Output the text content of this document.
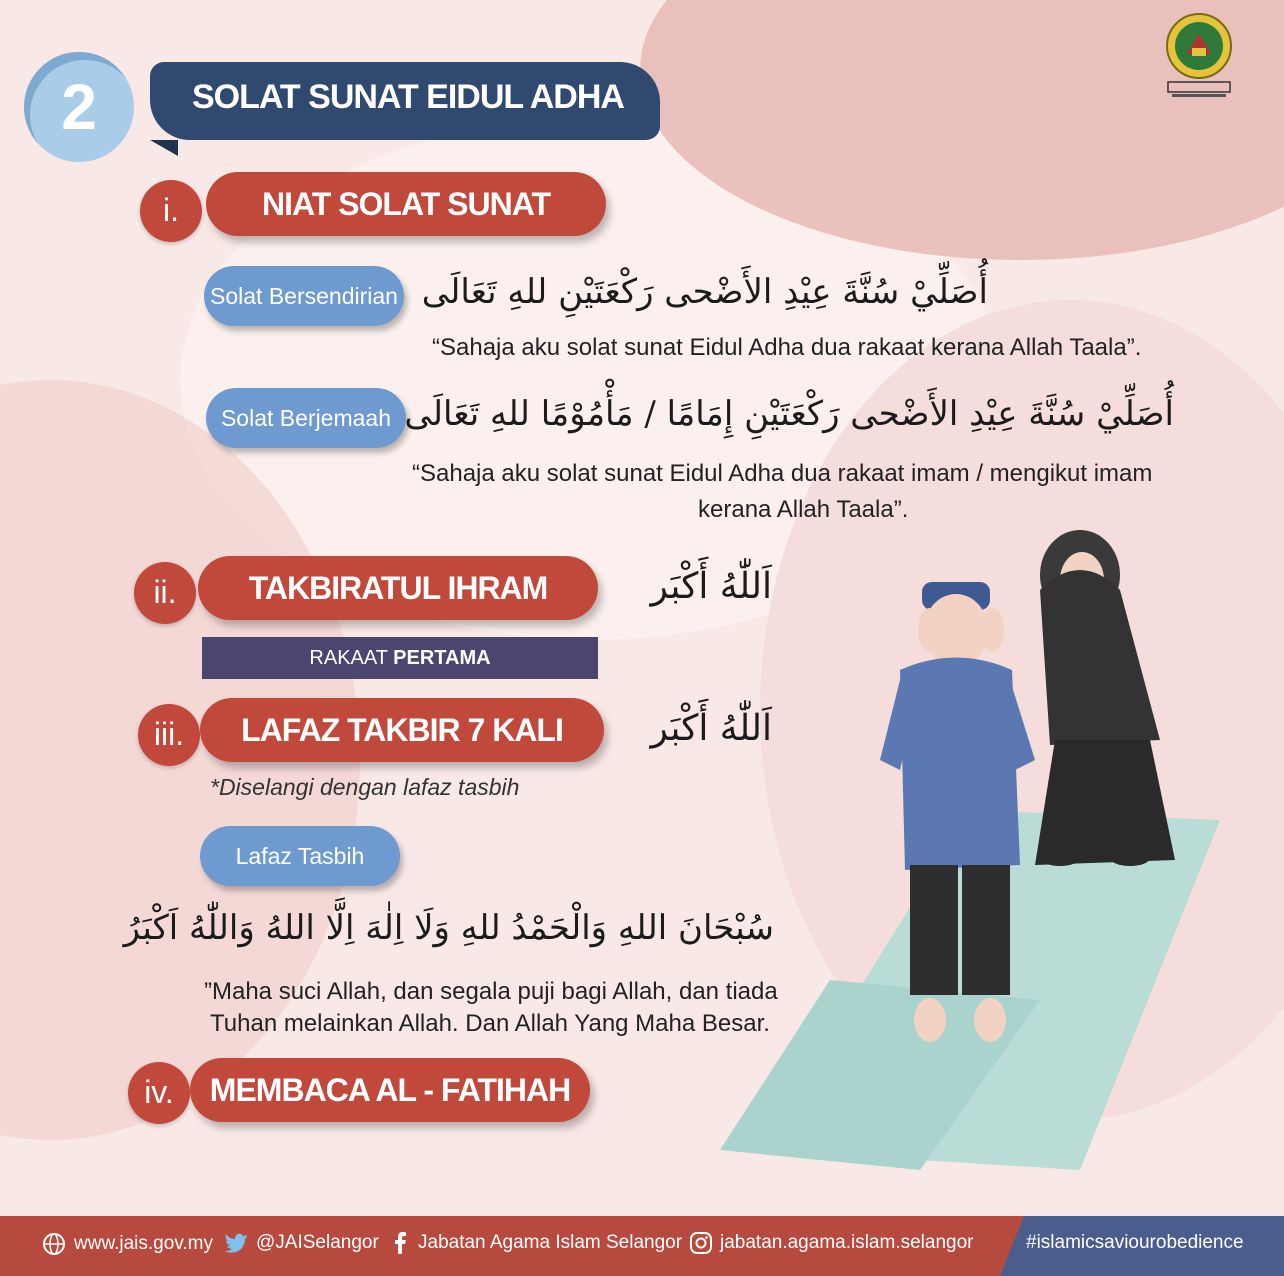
2	SOLAT SUNAT EIDUL ADHA
i.	NIAT SOLAT SUNAT
Solat Bersendirian أُصَلِّيْ سُنَّةَ عِيْدِ الأَضْحى رَكْعَتَيْنِ للهِ تَعَالَى
“Sahaja aku solat sunat Eidul Adha dua rakaat kerana Allah Taala”.
Solat Berjemaah أُصَلِّيْ سُنَّةَ عِيْدِ الأَضْحى رَكْعَتَيْنِ إِمَامًا / مَأْمُوْمًا للهِ تَعَالَى
“Sahaja aku solat sunat Eidul Adha dua rakaat imam / mengikut imam
kerana Allah Taala”.
ii.	TAKBIRATUL IHRAM	اَللّٰهُ أَكْبَر
RAKAAT PERTAMA
iii.	LAFAZ TAKBIR 7 KALI	اَللّٰهُ أَكْبَر
*Diselangi dengan lafaz tasbih
Lafaz Tasbih
سُبْحَانَ اللهِ وَالْحَمْدُ للهِ وَلَا اِلٰهَ اِلَّا اللهُ وَاللّٰهُ اَكْبَرُ
”Maha suci Allah, dan segala puji bagi Allah, dan tiada
Tuhan melainkan Allah. Dan Allah Yang Maha Besar.
iv.	MEMBACA AL - FATIHAH
www.jais.gov.my	@JAISelangor	Jabatan Agama Islam Selangor	jabatan.agama.islam.selangor	#islamicsaviourobedience
